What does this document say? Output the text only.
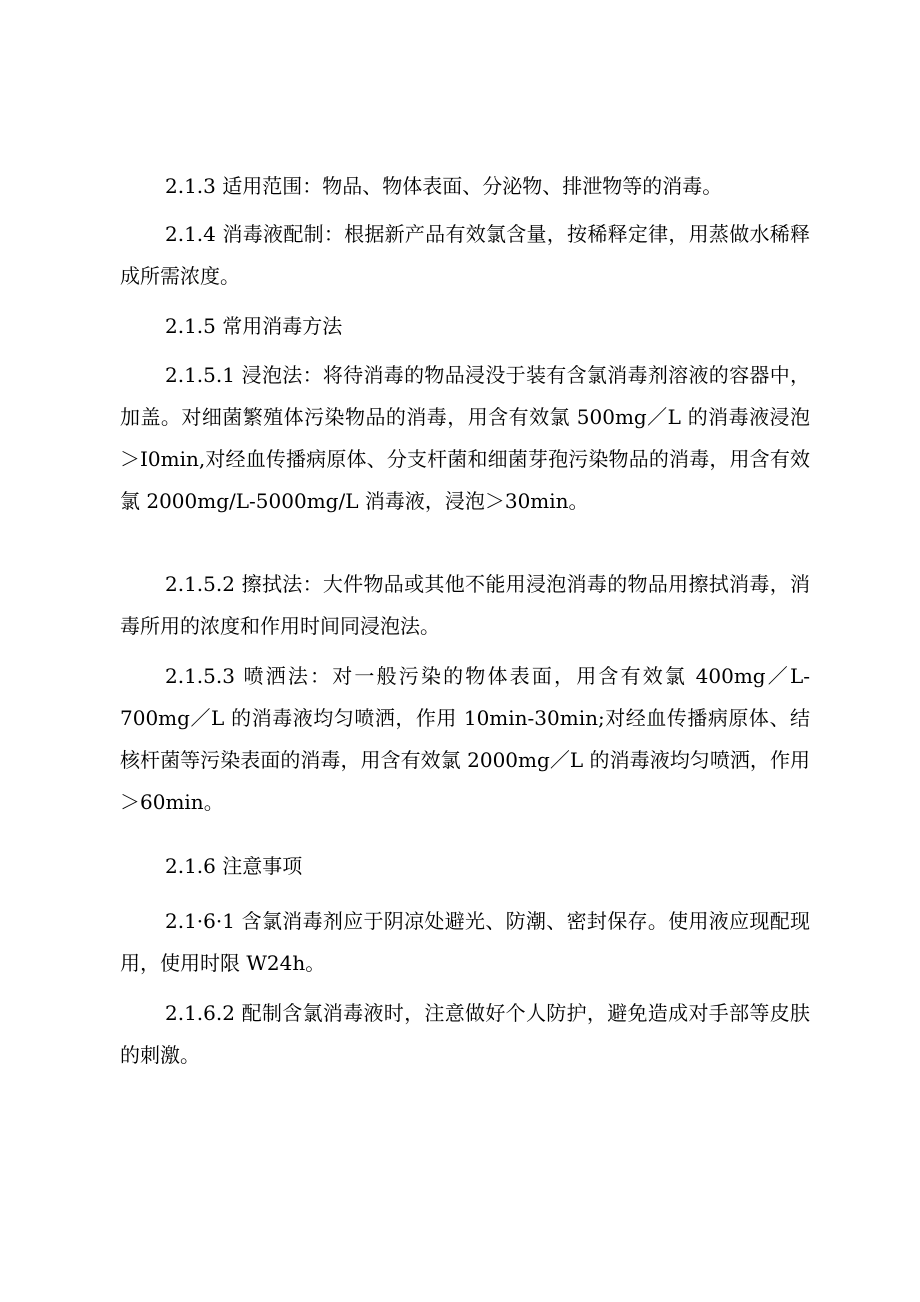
2.1.3 适用范围：物品、物体表面、分泌物、排泄物等的消毒。

2.1.4 消毒液配制：根据新产品有效氯含量，按稀释定律，用蒸做水稀释成所需浓度。

2.1.5 常用消毒方法

2.1.5.1 浸泡法：将待消毒的物品浸没于装有含氯消毒剂溶液的容器中，加盖。对细菌繁殖体污染物品的消毒，用含有效氯 500mg／L 的消毒液浸泡＞I0min,对经血传播病原体、分支杆菌和细菌芽孢污染物品的消毒，用含有效氯 2000mg/L-5000mg/L 消毒液，浸泡＞30min。

2.1.5.2 擦拭法：大件物品或其他不能用浸泡消毒的物品用擦拭消毒，消毒所用的浓度和作用时间同浸泡法。

2.1.5.3 喷洒法：对一般污染的物体表面，用含有效氯 400mg／L-700mg／L 的消毒液均匀喷洒，作用 10min-30min;对经血传播病原体、结核杆菌等污染表面的消毒，用含有效氯 2000mg／L 的消毒液均匀喷洒，作用＞60min。

2.1.6 注意事项

2.1·6·1 含氯消毒剂应于阴凉处避光、防潮、密封保存。使用液应现配现用，使用时限 W24h。

2.1.6.2 配制含氯消毒液时，注意做好个人防护，避免造成对手部等皮肤的刺激。
